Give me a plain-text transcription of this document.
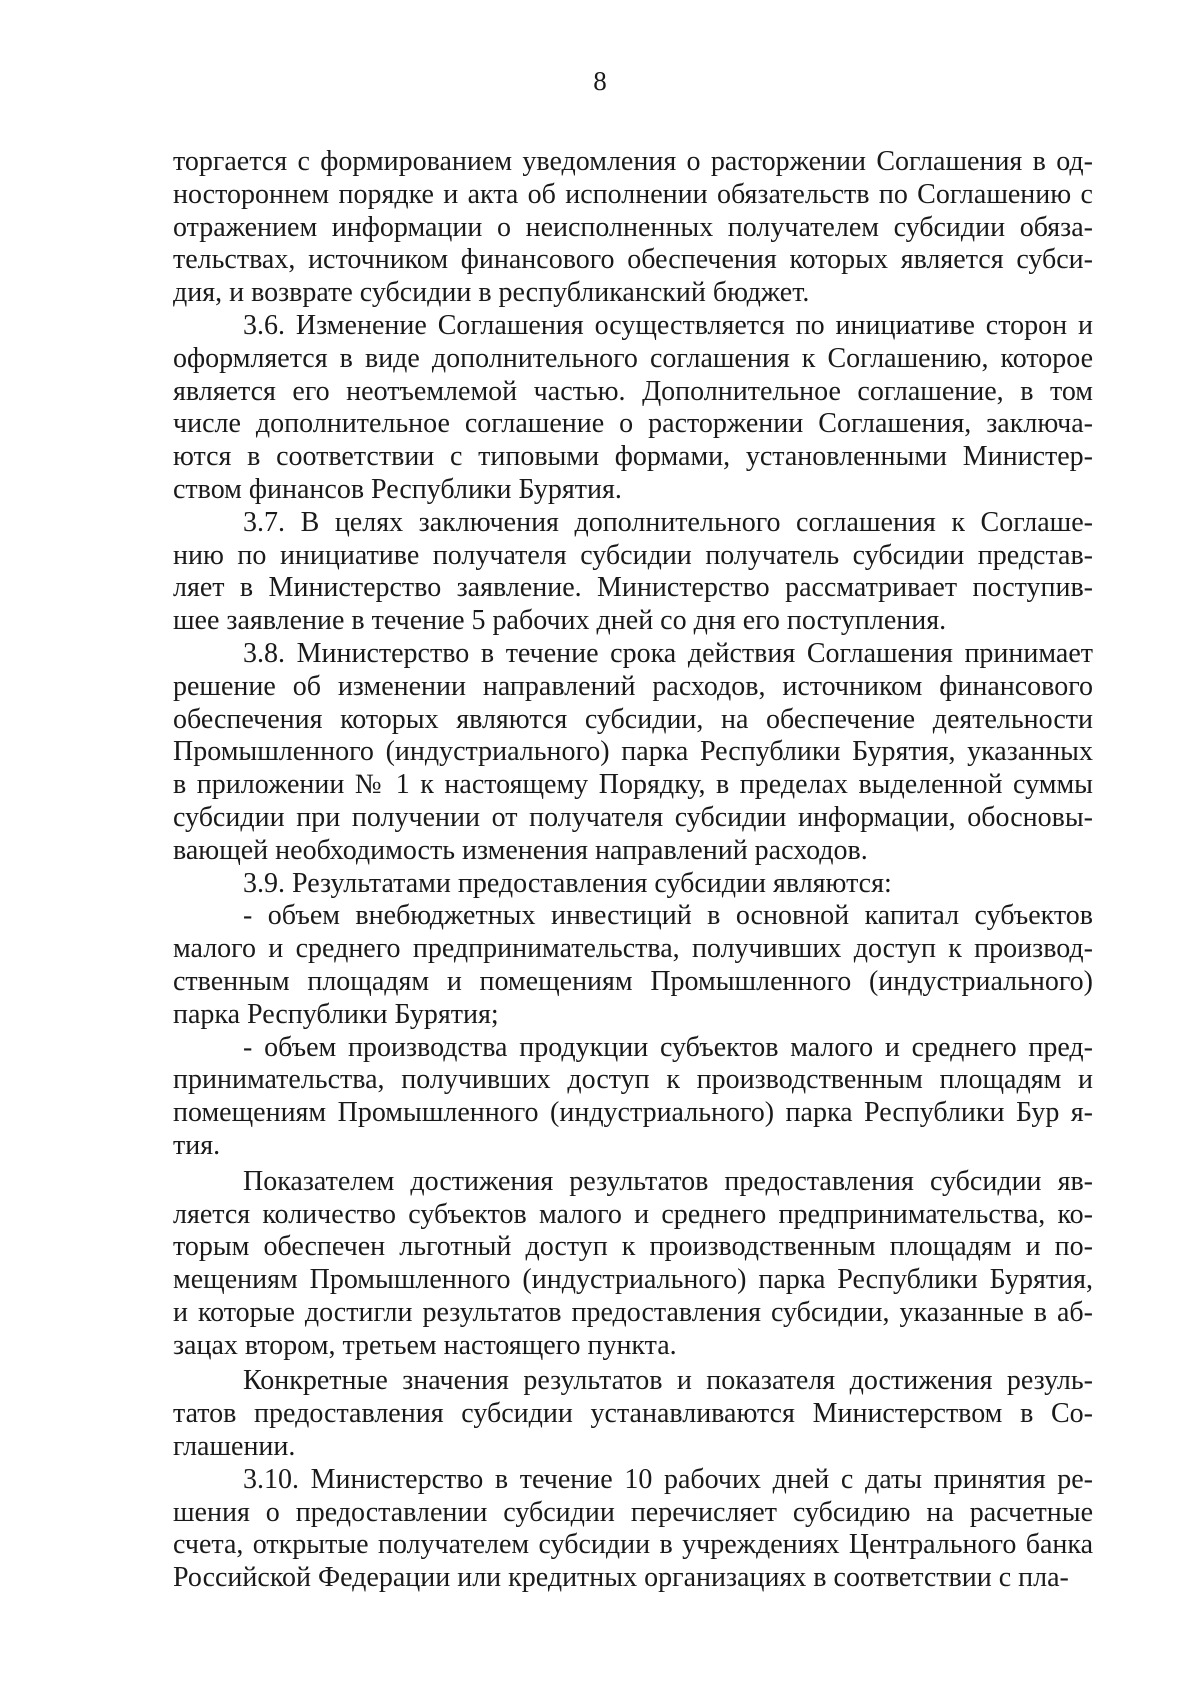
8
торгается с формированием уведомления о расторжении Соглашения в од-
ностороннем порядке и акта об исполнении обязательств по Соглашению с
отражением информации о неисполненных получателем субсидии обяза-
тельствах, источником финансового обеспечения которых является субси-
дия, и возврате субсидии в республиканский бюджет.
3.6. Изменение Соглашения осуществляется по инициативе сторон и
оформляется в виде дополнительного соглашения к Соглашению, которое
является его неотъемлемой частью. Дополнительное соглашение, в том
числе дополнительное соглашение о расторжении Соглашения, заключа-
ются в соответствии с типовыми формами, установленными Министер-
ством финансов Республики Бурятия.
3.7. В целях заключения дополнительного соглашения к Соглаше-
нию по инициативе получателя субсидии получатель субсидии представ-
ляет в Министерство заявление. Министерство рассматривает поступив-
шее заявление в течение 5 рабочих дней со дня его поступления.
3.8. Министерство в течение срока действия Соглашения принимает
решение об изменении направлений расходов, источником финансового
обеспечения которых являются субсидии, на обеспечение деятельности
Промышленного (индустриального) парка Республики Бурятия, указанных
в приложении № 1 к настоящему Порядку, в пределах выделенной суммы
субсидии при получении от получателя субсидии информации, обосновы-
вающей необходимость изменения направлений расходов.
3.9. Результатами предоставления субсидии являются:
- объем внебюджетных инвестиций в основной капитал субъектов
малого и среднего предпринимательства, получивших доступ к производ-
ственным площадям и помещениям Промышленного (индустриального)
парка Республики Бурятия;
- объем производства продукции субъектов малого и среднего пред-
принимательства, получивших доступ к производственным площадям и
помещениям Промышленного (индустриального) парка Республики Бур я-
тия.
Показателем достижения результатов предоставления субсидии яв-
ляется количество субъектов малого и среднего предпринимательства, ко-
торым обеспечен льготный доступ к производственным площадям и по-
мещениям Промышленного (индустриального) парка Республики Бурятия,
и которые достигли результатов предоставления субсидии, указанные в аб-
зацах втором, третьем настоящего пункта.
Конкретные значения результатов и показателя достижения резуль-
татов предоставления субсидии устанавливаются Министерством в Со-
глашении.
3.10. Министерство в течение 10 рабочих дней с даты принятия ре-
шения о предоставлении субсидии перечисляет субсидию на расчетные
счета, открытые получателем субсидии в учреждениях Центрального банка
Российской Федерации или кредитных организациях в соответствии с пла-
